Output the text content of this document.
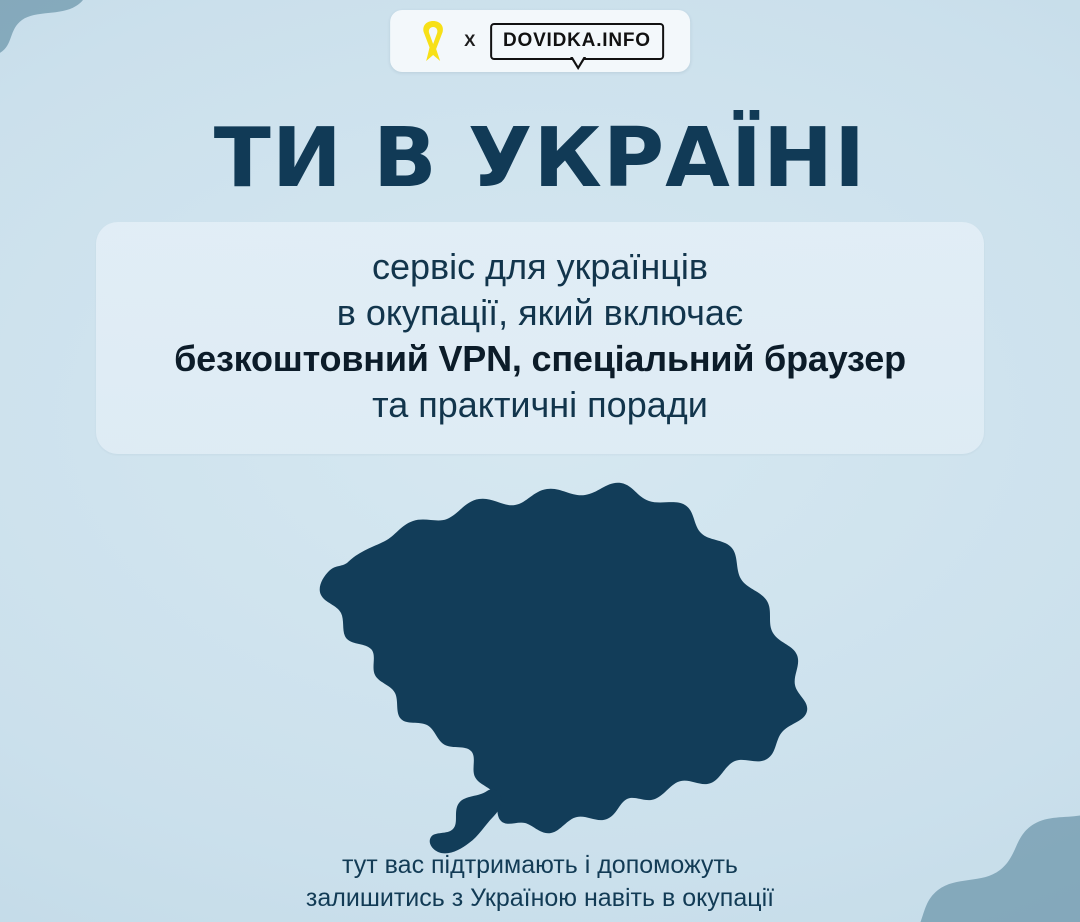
X	DOVIDKA.INFO
ТИ В УКРАЇНІ
сервіс для українців
в окупації, який включає
безкоштовний VPN, спеціальний браузер
та практичні поради
тут вас підтримають і допоможуть
залишитись з Україною навіть в окупації
